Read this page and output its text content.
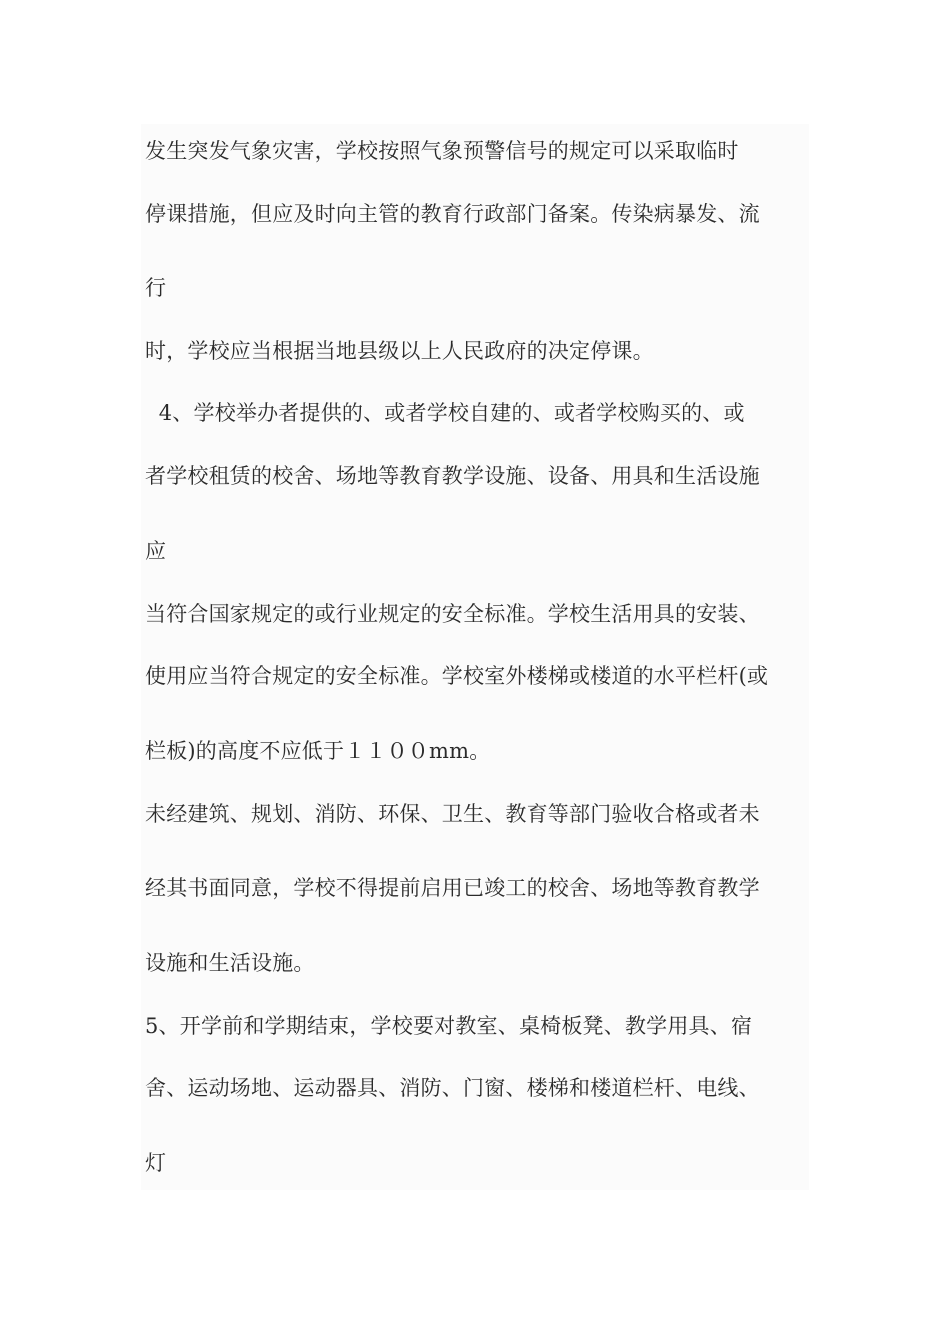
发生突发气象灾害，学校按照气象预警信号的规定可以采取临时

停课措施，但应及时向主管的教育行政部门备案。传染病暴发、流

行

时，学校应当根据当地县级以上人民政府的决定停课。

4、学校举办者提供的、或者学校自建的、或者学校购买的、或

者学校租赁的校舍、场地等教育教学设施、设备、用具和生活设施

应

当符合国家规定的或行业规定的安全标准。学校生活用具的安装、

使用应当符合规定的安全标准。学校室外楼梯或楼道的水平栏杆(或

栏板)的高度不应低于１１００mm。

未经建筑、规划、消防、环保、卫生、教育等部门验收合格或者未

经其书面同意，学校不得提前启用已竣工的校舍、场地等教育教学

设施和生活设施。

5、开学前和学期结束，学校要对教室、桌椅板凳、教学用具、宿

舍、运动场地、运动器具、消防、门窗、楼梯和楼道栏杆、电线、

灯
